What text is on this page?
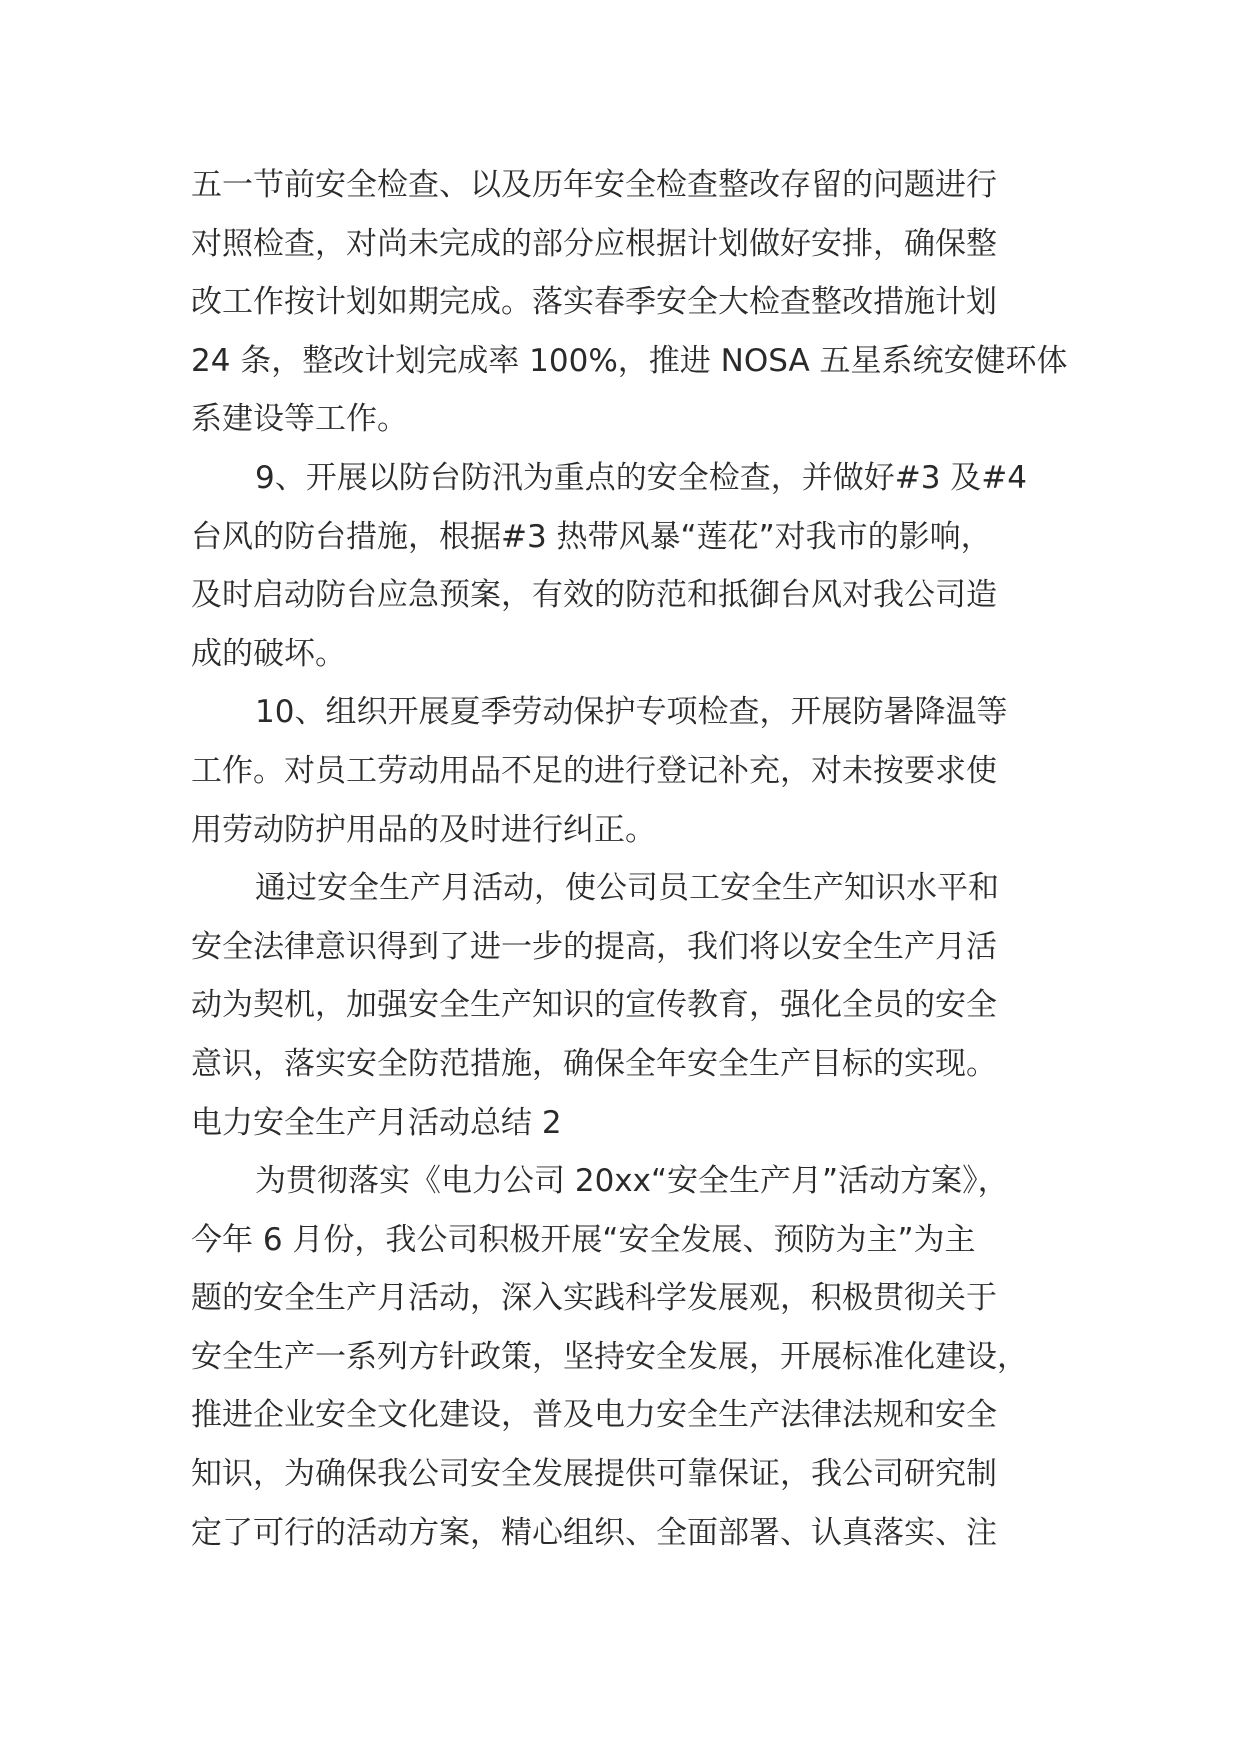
五一节前安全检查、以及历年安全检查整改存留的问题进行
对照检查，对尚未完成的部分应根据计划做好安排，确保整
改工作按计划如期完成。落实春季安全大检查整改措施计划
24 条，整改计划完成率 100%，推进 NOSA 五星系统安健环体
系建设等工作。
9、开展以防台防汛为重点的安全检查，并做好#3 及#4
台风的防台措施，根据#3 热带风暴“莲花”对我市的影响，
及时启动防台应急预案，有效的防范和抵御台风对我公司造
成的破坏。
10、组织开展夏季劳动保护专项检查，开展防暑降温等
工作。对员工劳动用品不足的进行登记补充，对未按要求使
用劳动防护用品的及时进行纠正。
通过安全生产月活动，使公司员工安全生产知识水平和
安全法律意识得到了进一步的提高，我们将以安全生产月活
动为契机，加强安全生产知识的宣传教育，强化全员的安全
意识，落实安全防范措施，确保全年安全生产目标的实现。
电力安全生产月活动总结 2
为贯彻落实《电力公司 20xx“安全生产月”活动方案》，
今年 6 月份，我公司积极开展“安全发展、预防为主”为主
题的安全生产月活动，深入实践科学发展观，积极贯彻关于
安全生产一系列方针政策，坚持安全发展，开展标准化建设，
推进企业安全文化建设，普及电力安全生产法律法规和安全
知识，为确保我公司安全发展提供可靠保证，我公司研究制
定了可行的活动方案，精心组织、全面部署、认真落实、注
